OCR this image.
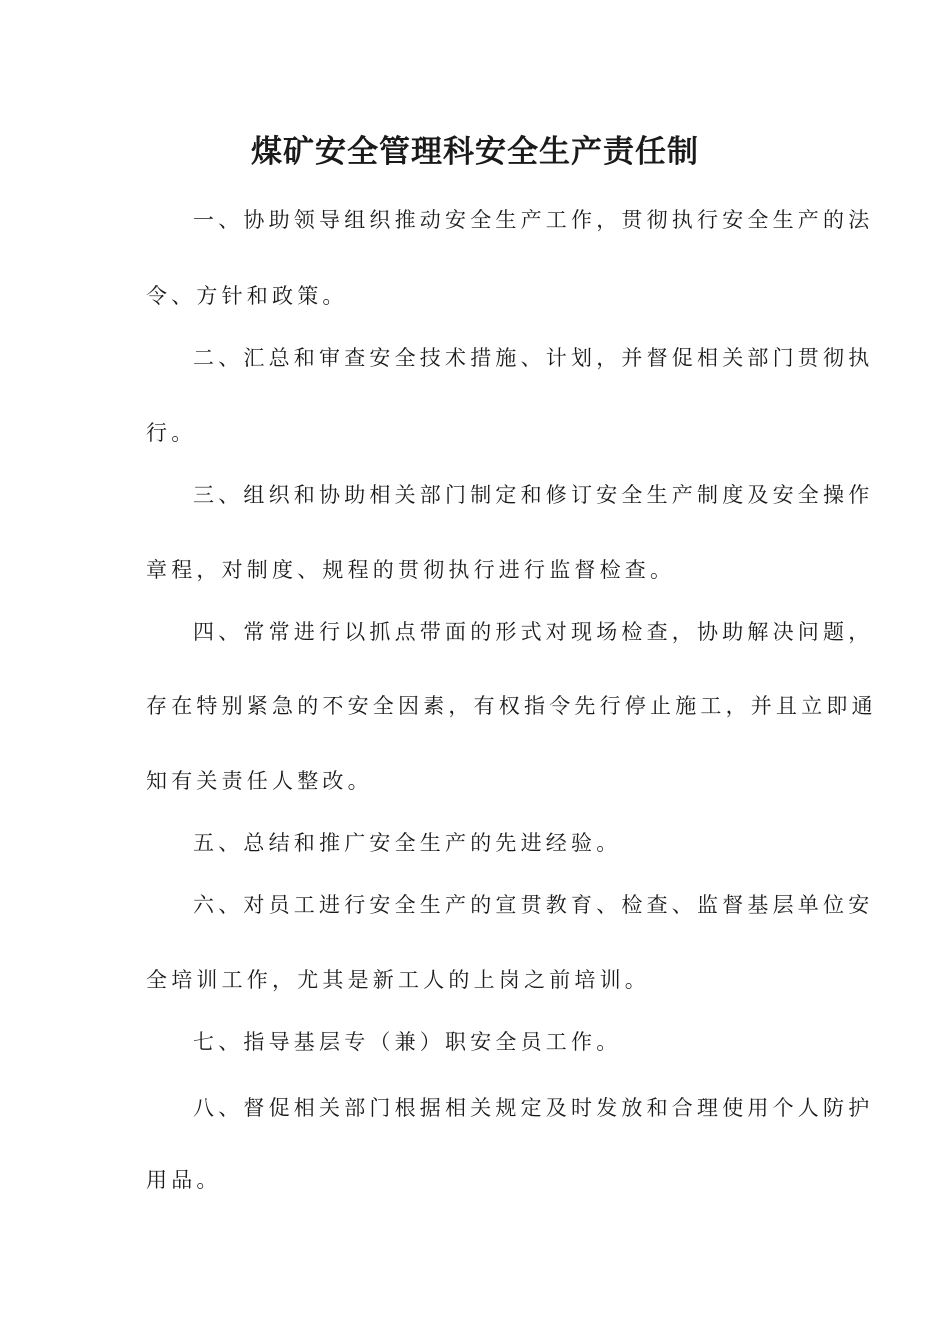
煤矿安全管理科安全生产责任制
一、协助领导组织推动安全生产工作，贯彻执行安全生产的法
令、方针和政策。
二、汇总和审查安全技术措施、计划，并督促相关部门贯彻执
行。
三、组织和协助相关部门制定和修订安全生产制度及安全操作
章程，对制度、规程的贯彻执行进行监督检查。
四、常常进行以抓点带面的形式对现场检查，协助解决问题，
存在特别紧急的不安全因素，有权指令先行停止施工，并且立即通
知有关责任人整改。
五、总结和推广安全生产的先进经验。
六、对员工进行安全生产的宣贯教育、检查、监督基层单位安
全培训工作，尤其是新工人的上岗之前培训。
七、指导基层专（兼）职安全员工作。
八、督促相关部门根据相关规定及时发放和合理使用个人防护
用品。
